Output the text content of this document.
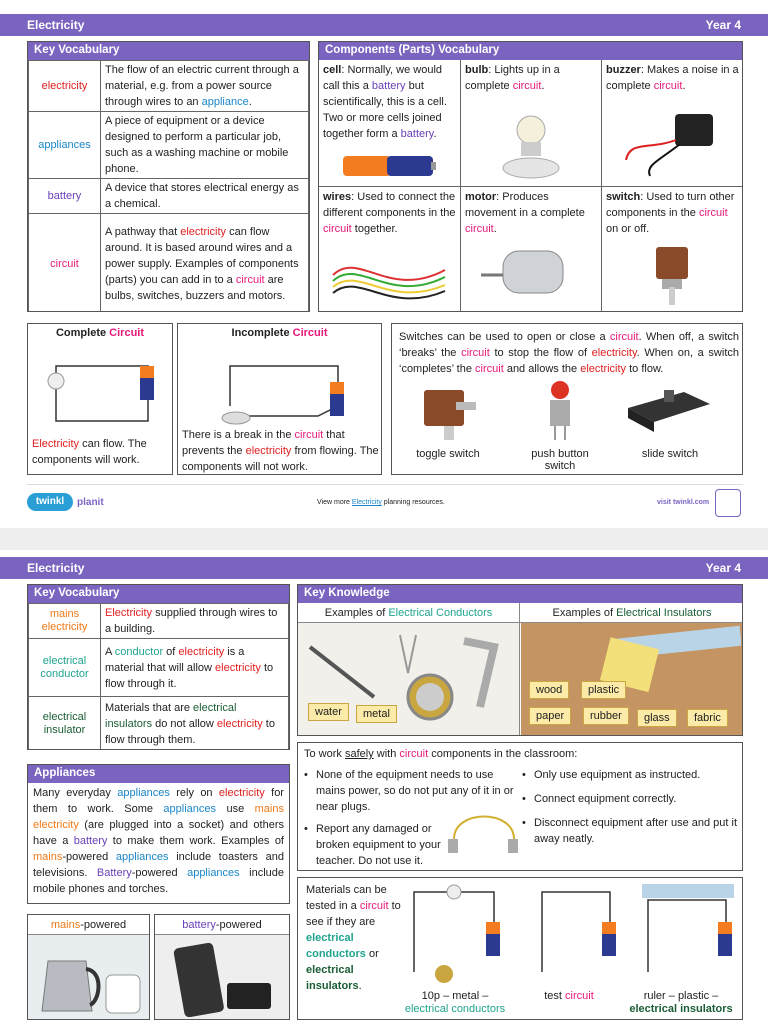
Electricity	Year 4
Key Vocabulary
electricity	The flow of an electric current through a material, e.g. from a power source through wires to an appliance.
appliances	A piece of equipment or a device designed to perform a particular job, such as a washing machine or mobile phone.
battery	A device that stores electrical energy as a chemical.
circuit	A pathway that electricity can flow around. It is based around wires and a power supply. Examples of components (parts) you can add in to a circuit are bulbs, switches, buzzers and motors.
Components (Parts) Vocabulary
cell: Normally, we would call this a battery but scientifically, this is a cell. Two or more cells joined together form a battery.
bulb: Lights up in a complete circuit.
buzzer: Makes a noise in a complete circuit.
wires: Used to connect the different components in the circuit together.
motor: Produces movement in a complete circuit.
switch: Used to turn other components in the circuit on or off.
Complete Circuit
Electricity can flow. The components will work.
Incomplete Circuit
There is a break in the circuit that prevents the electricity from flowing. The components will not work.
Switches can be used to open or close a circuit. When off, a switch ‘breaks’ the circuit to stop the flow of electricity. When on, a switch ‘completes’ the circuit and allows the electricity to flow.
toggle switch	push button switch
slide switch
twinkl	planit	View more Electricity planning resources.	visit twinkl.com
Electricity	Year 4
Key Vocabulary
mains electricity	Electricity supplied through wires to a building.
electrical conductor	A conductor of electricity is a material that will allow electricity to flow through it.
electrical insulator	Materials that are electrical insulators do not allow electricity to flow through them.
Appliances
Many everyday appliances rely on electricity for them to work. Some appliances use mains electricity (are plugged into a socket) and others have a battery to make them work. Examples of mains-powered appliances include toasters and televisions. Battery-powered appliances include mobile phones and torches.
mains-powered	battery-powered
Key Knowledge
Examples of Electrical Conductors	Examples of Electrical Insulators
water	metal
wood	plastic
paper	rubber	glass	fabric
To work safely with circuit components in the classroom:
• None of the equipment needs to use mains power, so do not put any of it in or near plugs.
• Report any damaged or broken equipment to your teacher. Do not use it.
• Only use equipment as instructed.
• Connect equipment correctly.
• Disconnect equipment after use and put it away neatly.
Materials can be tested in a circuit to see if they are electrical conductors or electrical insulators.
10p – metal –
electrical conductors
test circuit	ruler – plastic –
electrical insulators
